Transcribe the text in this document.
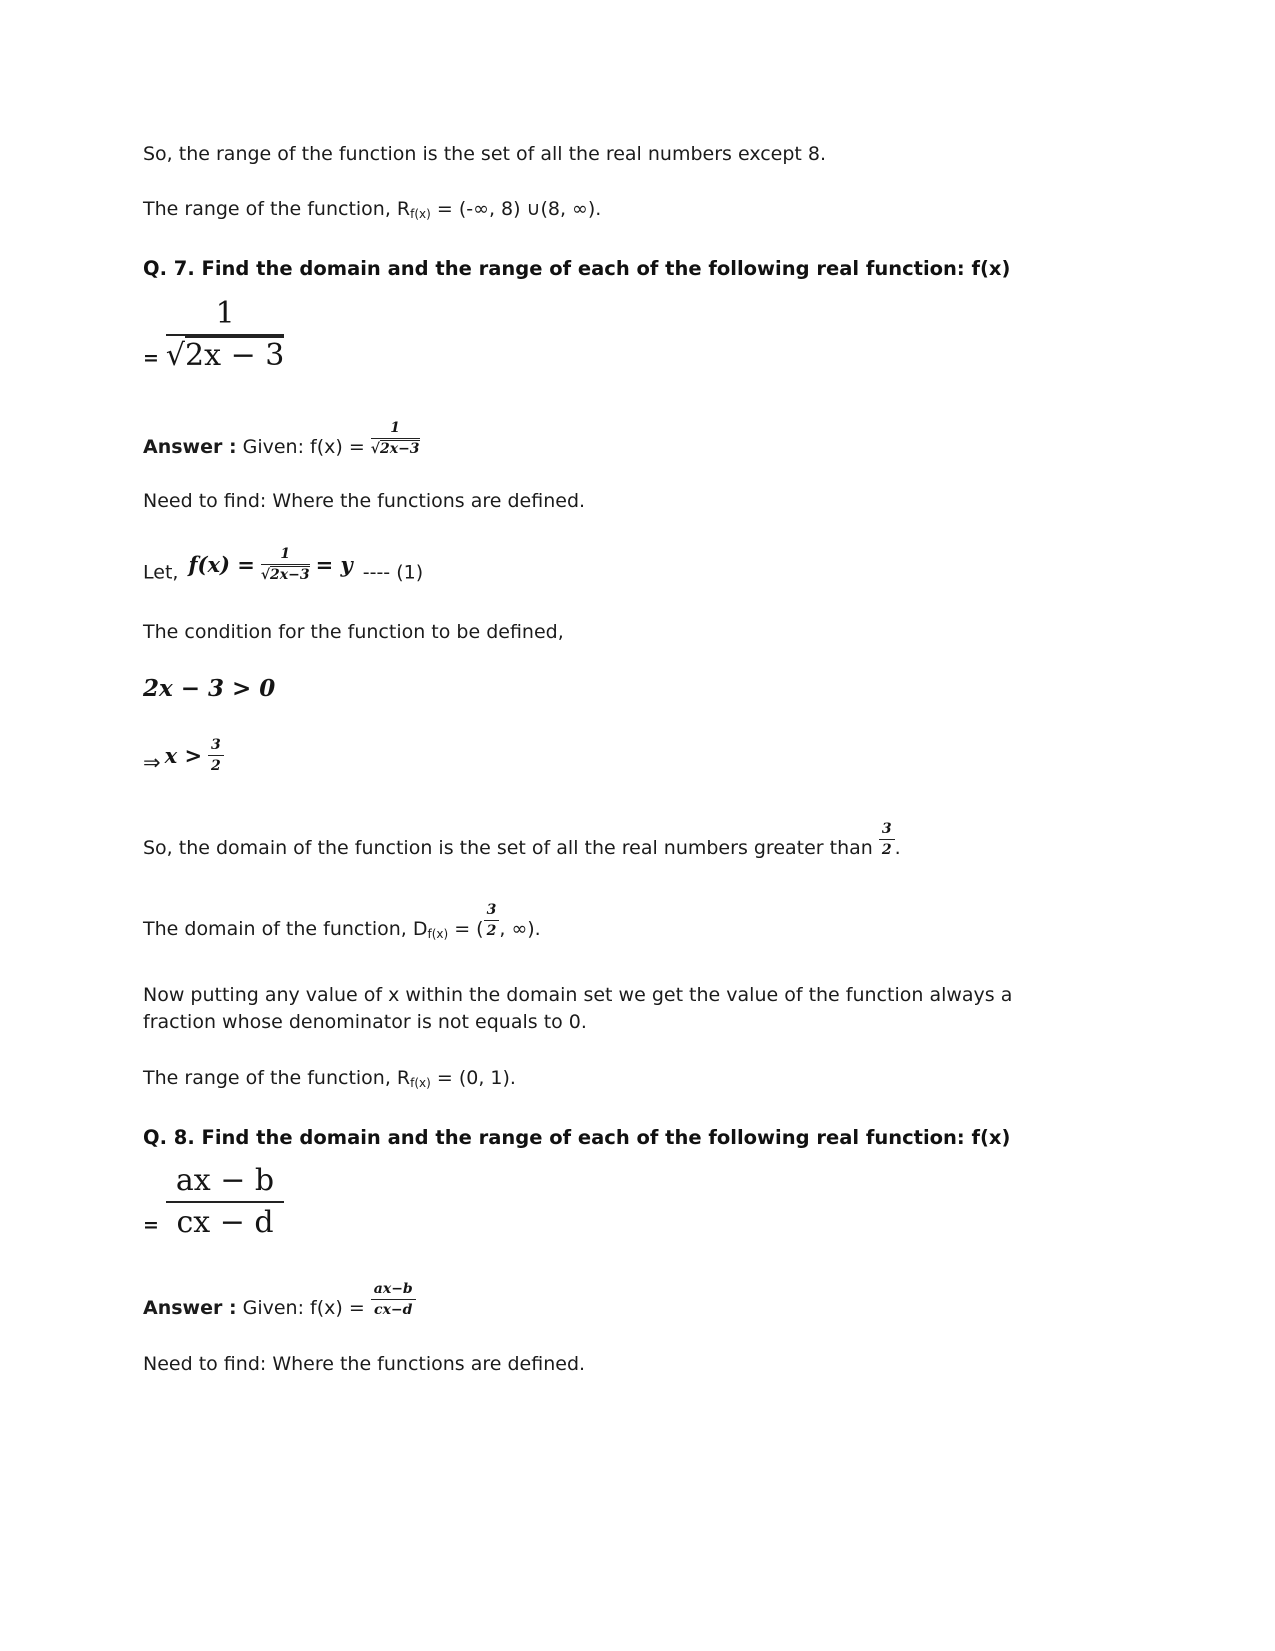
So, the range of the function is the set of all the real numbers except 8.

The range of the function, $R_{f(x)}$ = (-∞, 8) ∪(8, ∞).

Q. 7. Find the domain and the range of each of the following real function: f(x)

= $\frac{1}{√2x - 3}$

Answer : Given: $f(x) = \frac{1}{√2x-3}$

Need to find: Where the functions are defined.

Let, $f(x) = \frac{1}{√2x-3} = y$ ---- (1)

The condition for the function to be defined,

2x − 3 > 0

⇒ $x > \frac{3}{2}$

So, the domain of the function is the set of all the real numbers greater than $\frac{3}{2}$ .

The domain of the function, $D_{f(x)}$ = ( $\frac{3}{2}$ , ∞).

Now putting any value of x within the domain set we get the value of the function always a fraction whose denominator is not equals to 0.

The range of the function, $R_{f(x)} = (0$, 1).

Q. 8. Find the domain and the range of each of the following real function: f(x)

= $\frac{ax - b}{cx - d}$

Answer : Given: $f(x) = \frac{ax-b}{cx-d}$

Need to find: Where the functions are defined.
